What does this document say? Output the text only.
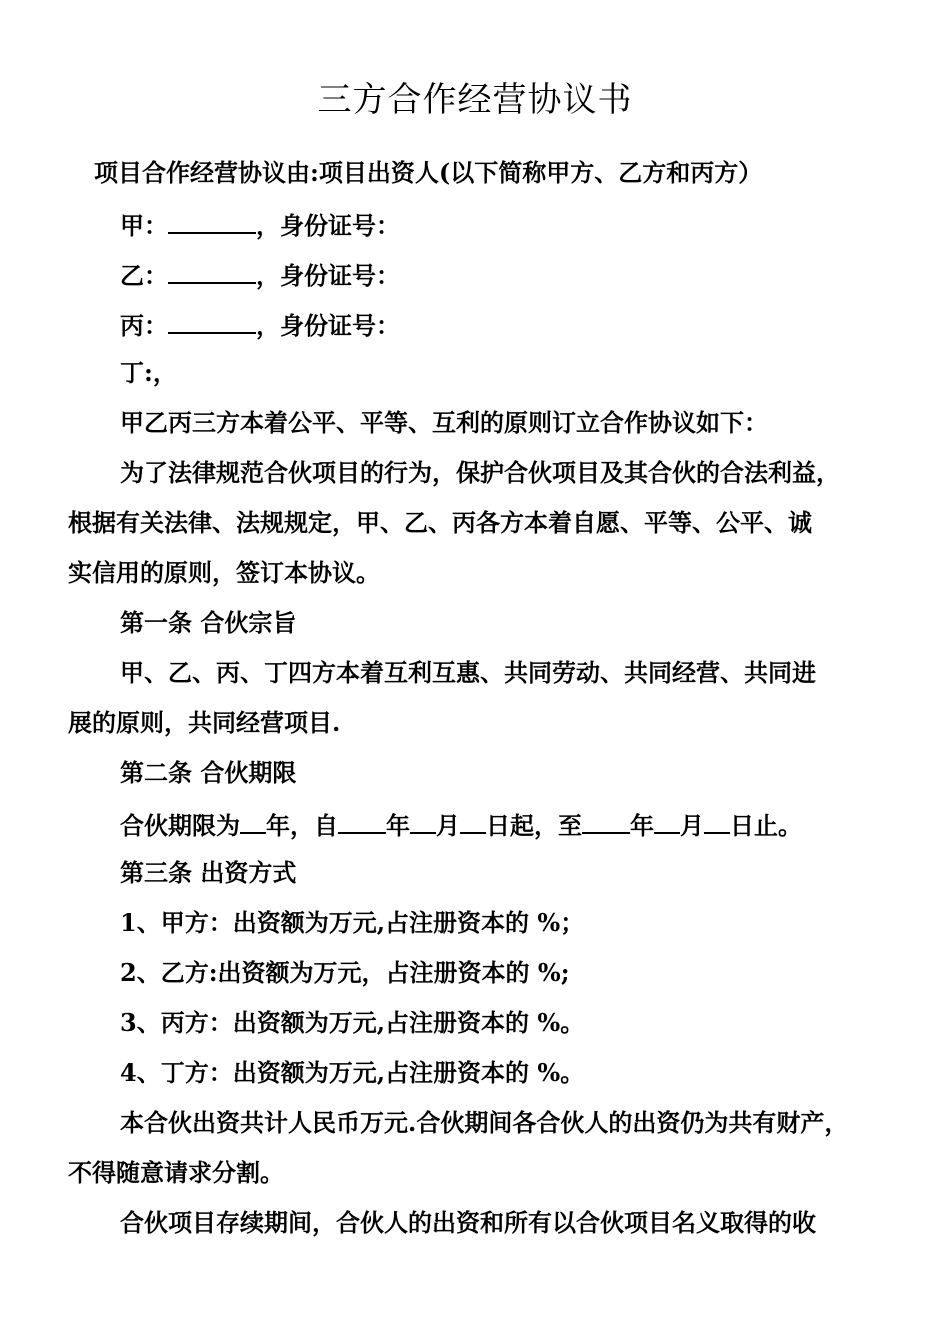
三方合作经营协议书
项目合作经营协议由:项目出资人(以下简称甲方、乙方和丙方）
甲：	，身份证号：
乙：	，身份证号：
丙：	，身份证号：
丁:，
甲乙丙三方本着公平、平等、互利的原则订立合作协议如下：
为了法律规范合伙项目的行为，保护合伙项目及其合伙的合法利益，
根据有关法律、法规规定，甲、乙、丙各方本着自愿、平等、公平、诚
实信用的原则，签订本协议。
第一条 合伙宗旨
甲、乙、丙、丁四方本着互利互惠、共同劳动、共同经营、共同进
展的原则，共同经营项目.
第二条 合伙期限
合伙期限为 年，自 年 月 日起，至 年 月 日止。
第三条 出资方式
1、甲方：出资额为万元,占注册资本的 %；
2、乙方:出资额为万元，占注册资本的 %;
3、丙方：出资额为万元,占注册资本的 %。
4、丁方：出资额为万元,占注册资本的 %。
本合伙出资共计人民币万元.合伙期间各合伙人的出资仍为共有财产，
不得随意请求分割。
合伙项目存续期间，合伙人的出资和所有以合伙项目名义取得的收
